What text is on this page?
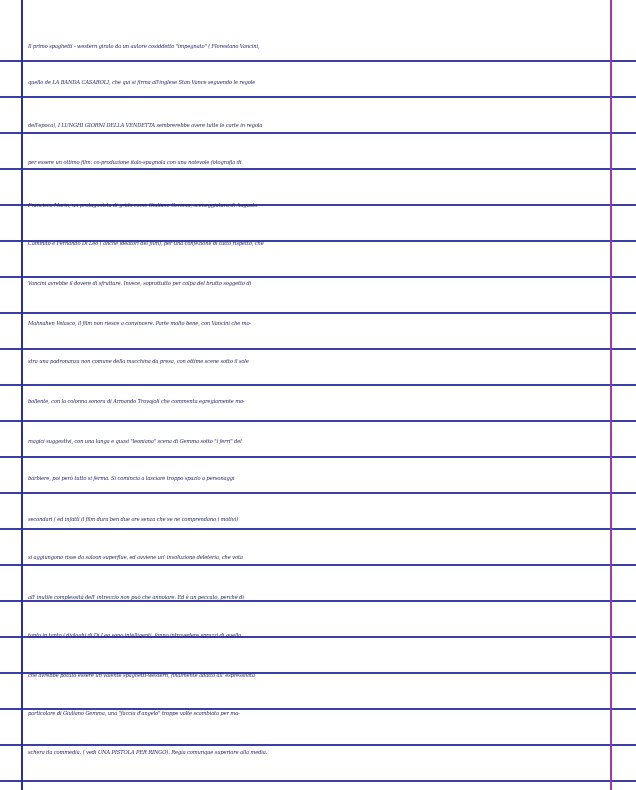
Il primo spaghetti - western girato da un autore cosiddetto "impegnato" ( Florestano Vancini,
quello de LA BANDA CASAROLI, che qui si firma all'inglese Stan Vance seguendo le regole
dell'epoca), I LUNGHI GIORNI DELLA VENDETTA sembrerebbe avere tutte le carte in regola
per essere un ottimo film: co-produzione italo-spagnola con una notevole fotografia di
Francisco Marin, un protagonista di grido come Giuliano Gemma, sceneggiatura di Augusto
Caminito e Fernando Di Leo ( anche ideatori del film), per una confezione di tutto rispetto, che
Vancini avrebbe il dovere di sfruttare. Invece, soprattutto per colpa del brutto soggetto di
Mahnahen Velasco, il film non riesce a convincere. Parte molto bene, con Vancini che mo-
stra una padronanza non comune della macchina da presa, con ottime scene sotto il sole
bollente, con la colonna sonora di Armando Trovajoli che commenta egregiamente mo-
magici suggestivi, con una lunga e quasi "leoniana" scena di Gemma sotto "i ferri" del
barbiere, poi però tutto si ferma. Si comincia a lasciare troppo spazio a personaggi
secondari ( ed infatti il film dura ben due ore senza che se ne comprendano i motivi)
si aggiungono risse da saloon superflue, ed avviene un' involuzione deleteria, che vota
all' inutile complessità dell' intreccio non può che annoiare. Ed è un peccato, perché di
tanto in tanto i dialoghi di Di Leo sono intelligenti, fanno intravedere sprazzi di quello
che avrebbe potuto essere un valente spaghetti-western, finalmente adatto all' espressività
particolare di Giuliano Gemma, una "faccia d'angelo" troppe volte scambiata per ma-
schera da commedia. ( vedi UNA PISTOLA PER RINGO). Regia comunque superiore alla media.
